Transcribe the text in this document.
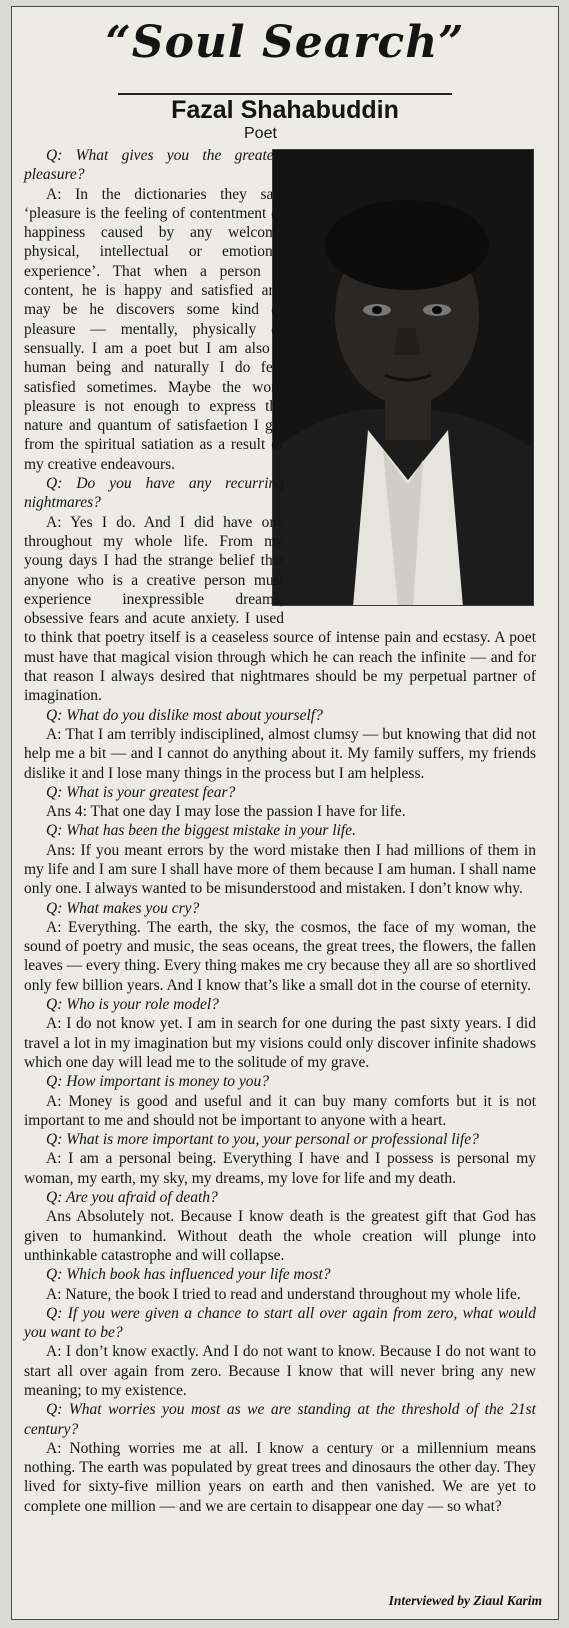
“Soul Search”
Fazal Shahabuddin
Poet

Q: What gives you the greatest pleasure?

A: In the dictionaries they say, ‘pleasure is the feeling of contentment or happiness caused by any welcome physical, intellectual or emotional experience’. That when a person is content, he is happy and satisfied and may be he discovers some kind of pleasure — mentally, physically or sensually. I am a poet but I am also a human being and naturally I do feel satisfied sometimes. Maybe the word pleasure is not enough to express the nature and quantum of satisfaetion I get from the spiritual satiation as a result of my creative endeavours.

Q: Do you have any recurring nightmares?

A: Yes I do. And I did have one throughout my whole life. From my young days I had the strange belief that anyone who is a creative person must experience inexpressible dreams, obsessive fears and acute anxiety. I used to think that poetry itself is a ceaseless source of intense pain and ecstasy. A poet must have that magical vision through which he can reach the infinite — and for that reason I always desired that nightmares should be my perpetual partner of imagination.

Q: What do you dislike most about yourself?

A: That I am terribly indisciplined, almost clumsy — but knowing that did not help me a bit — and I cannot do anything about it. My family suffers, my friends dislike it and I lose many things in the process but I am helpless.

Q: What is your greatest fear?

Ans 4: That one day I may lose the passion I have for life.

Q: What has been the biggest mistake in your life.

Ans: If you meant errors by the word mistake then I had millions of them in my life and I am sure I shall have more of them because I am human. I shall name only one. I always wanted to be misunderstood and mistaken. I don’t know why.

Q: What makes you cry?

A: Everything. The earth, the sky, the cosmos, the face of my woman, the sound of poetry and music, the seas oceans, the great trees, the flowers, the fallen leaves — every thing. Every thing makes me cry because they all are so shortlived only few billion years. And I know that’s like a small dot in the course of eternity.

Q: Who is your role model?

A: I do not know yet. I am in search for one during the past sixty years. I did travel a lot in my imagination but my visions could only discover infinite shadows which one day will lead me to the solitude of my grave.

Q: How important is money to you?

A: Money is good and useful and it can buy many comforts but it is not important to me and should not be important to anyone with a heart.

Q: What is more important to you, your personal or professional life?

A: I am a personal being. Everything I have and I possess is personal my woman, my earth, my sky, my dreams, my love for life and my death.

Q: Are you afraid of death?

Ans Absolutely not. Because I know death is the greatest gift that God has given to humankind. Without death the whole creation will plunge into unthinkable catastrophe and will collapse.

Q: Which book has influenced your life most?

A: Nature, the book I tried to read and understand throughout my whole life.

Q: If you were given a chance to start all over again from zero, what would you want to be?

A: I don’t know exactly. And I do not want to know. Because I do not want to start all over again from zero. Because I know that will never bring any new meaning; to my existence.

Q: What worries you most as we are standing at the threshold of the 21st century?

A: Nothing worries me at all. I know a century or a millennium means nothing. The earth was populated by great trees and dinosaurs the other day. They lived for sixty-five million years on earth and then vanished. We are yet to complete one million — and we are certain to disappear one day — so what?

Interviewed by Ziaul Karim
